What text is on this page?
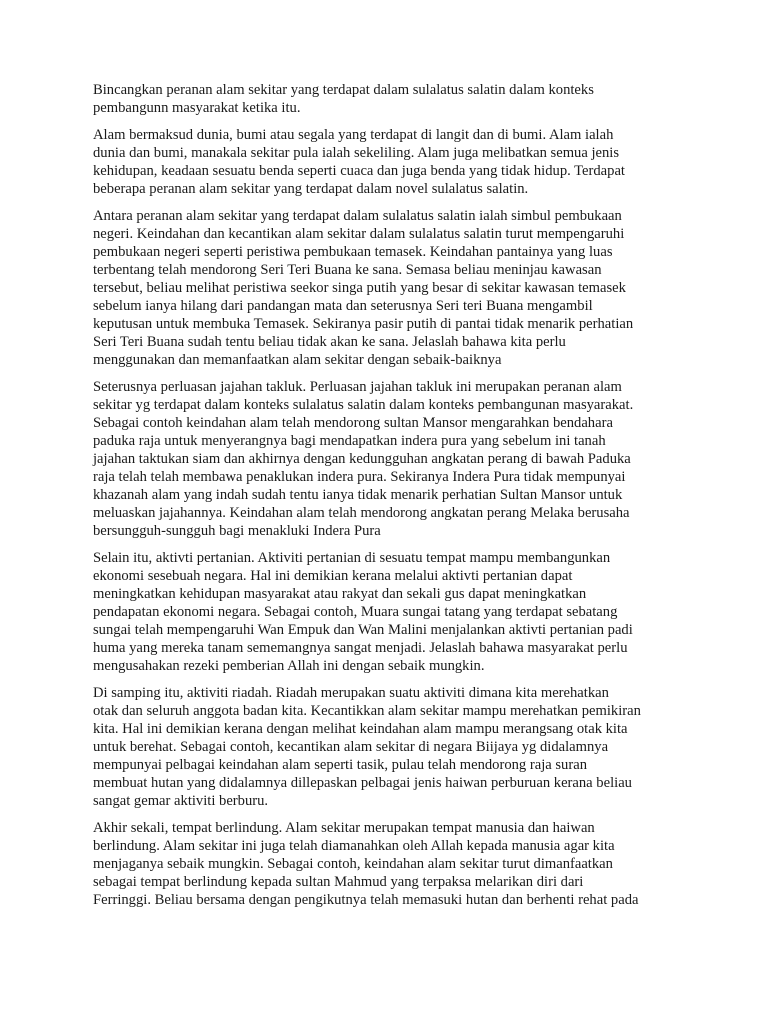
Bincangkan peranan alam sekitar yang terdapat dalam sulalatus salatin dalam konteks
pembangunn masyarakat ketika itu.

Alam bermaksud dunia, bumi atau segala yang terdapat di langit dan di bumi. Alam ialah
dunia dan bumi, manakala sekitar pula ialah sekeliling. Alam juga melibatkan semua jenis
kehidupan, keadaan sesuatu benda seperti cuaca dan juga benda yang tidak hidup. Terdapat
beberapa peranan alam sekitar yang terdapat dalam novel sulalatus salatin.

Antara peranan alam sekitar yang terdapat dalam sulalatus salatin ialah simbul pembukaan
negeri. Keindahan dan kecantikan alam sekitar dalam sulalatus salatin turut mempengaruhi
pembukaan negeri seperti peristiwa pembukaan temasek. Keindahan pantainya yang luas
terbentang telah mendorong Seri Teri Buana ke sana. Semasa beliau meninjau kawasan
tersebut, beliau melihat peristiwa seekor singa putih yang besar di sekitar kawasan temasek
sebelum ianya hilang dari pandangan mata dan seterusnya Seri teri Buana mengambil
keputusan untuk membuka Temasek. Sekiranya pasir putih di pantai tidak menarik perhatian
Seri Teri Buana sudah tentu beliau tidak akan ke sana. Jelaslah bahawa kita perlu
menggunakan dan memanfaatkan alam sekitar dengan sebaik-baiknya

Seterusnya perluasan jajahan takluk. Perluasan jajahan takluk ini merupakan peranan alam
sekitar yg terdapat dalam konteks sulalatus salatin dalam konteks pembangunan masyarakat.
Sebagai contoh keindahan alam telah mendorong sultan Mansor mengarahkan bendahara
paduka raja untuk menyerangnya bagi mendapatkan indera pura yang sebelum ini tanah
jajahan taktukan siam dan akhirnya dengan kedungguhan angkatan perang di bawah Paduka
raja telah telah membawa penaklukan indera pura. Sekiranya Indera Pura tidak mempunyai
khazanah alam yang indah sudah tentu ianya tidak menarik perhatian Sultan Mansor untuk
meluaskan jajahannya. Keindahan alam telah mendorong angkatan perang Melaka berusaha
bersungguh-sungguh bagi menakluki Indera Pura

Selain itu, aktivti pertanian. Aktiviti pertanian di sesuatu tempat mampu membangunkan
ekonomi sesebuah negara. Hal ini demikian kerana melalui aktivti pertanian dapat
meningkatkan kehidupan masyarakat atau rakyat dan sekali gus dapat meningkatkan
pendapatan ekonomi negara. Sebagai contoh, Muara sungai tatang yang terdapat sebatang
sungai telah mempengaruhi Wan Empuk dan Wan Malini menjalankan aktivti pertanian padi
huma yang mereka tanam sememangnya sangat menjadi. Jelaslah bahawa masyarakat perlu
mengusahakan rezeki pemberian Allah ini dengan sebaik mungkin.

Di samping itu, aktiviti riadah. Riadah merupakan suatu aktiviti dimana kita merehatkan
otak dan seluruh anggota badan kita. Kecantikkan alam sekitar mampu merehatkan pemikiran
kita. Hal ini demikian kerana dengan melihat keindahan alam mampu merangsang otak kita
untuk berehat. Sebagai contoh, kecantikan alam sekitar di negara Biijaya yg didalamnya
mempunyai pelbagai keindahan alam seperti tasik, pulau telah mendorong raja suran
membuat hutan yang didalamnya dillepaskan pelbagai jenis haiwan perburuan kerana beliau
sangat gemar aktiviti berburu.

Akhir sekali, tempat berlindung. Alam sekitar merupakan tempat manusia dan haiwan
berlindung. Alam sekitar ini juga telah diamanahkan oleh Allah kepada manusia agar kita
menjaganya sebaik mungkin. Sebagai contoh, keindahan alam sekitar turut dimanfaatkan
sebagai tempat berlindung kepada sultan Mahmud yang terpaksa melarikan diri dari
Ferringgi. Beliau bersama dengan pengikutnya telah memasuki hutan dan berhenti rehat pada
